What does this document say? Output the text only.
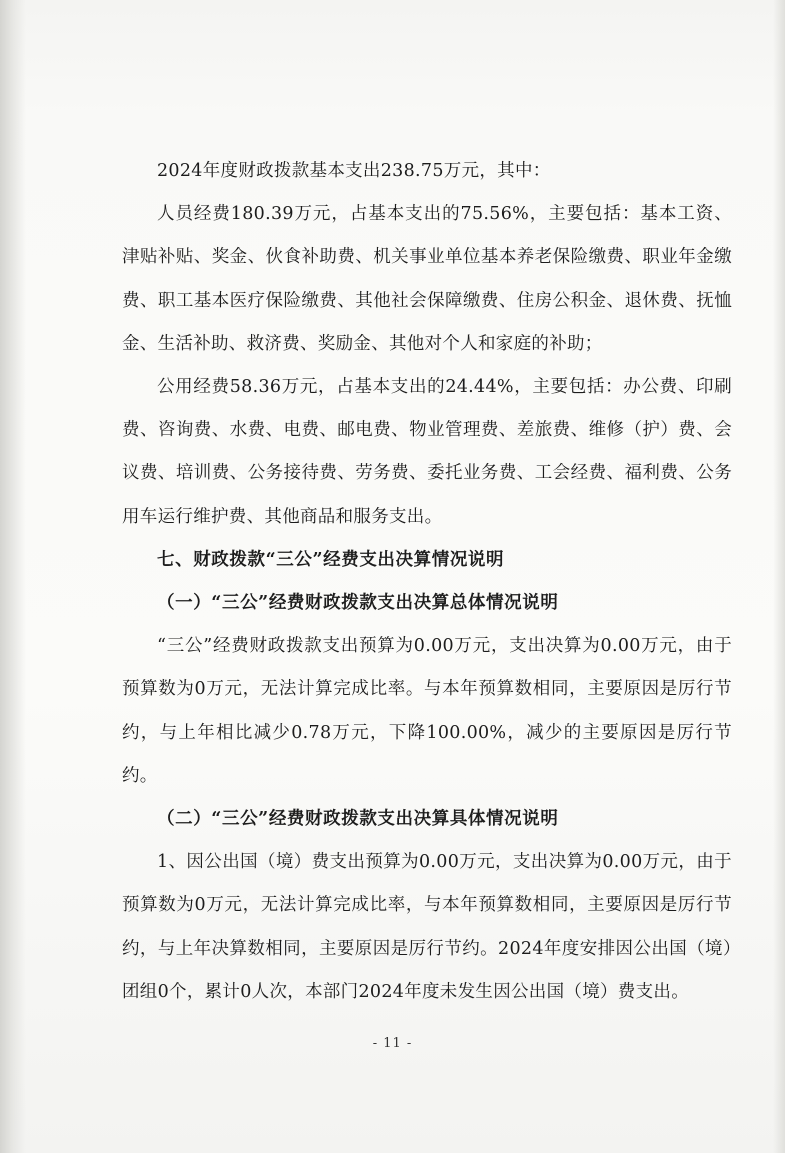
2024年度财政拨款基本支出238.75万元，其中：

人员经费180.39万元，占基本支出的75.56%，主要包括：基本工资、津贴补贴、奖金、伙食补助费、机关事业单位基本养老保险缴费、职业年金缴费、职工基本医疗保险缴费、其他社会保障缴费、住房公积金、退休费、抚恤金、生活补助、救济费、奖励金、其他对个人和家庭的补助；

公用经费58.36万元，占基本支出的24.44%，主要包括：办公费、印刷费、咨询费、水费、电费、邮电费、物业管理费、差旅费、维修（护）费、会议费、培训费、公务接待费、劳务费、委托业务费、工会经费、福利费、公务用车运行维护费、其他商品和服务支出。

七、财政拨款“三公”经费支出决算情况说明

（一）“三公”经费财政拨款支出决算总体情况说明

“三公”经费财政拨款支出预算为0.00万元，支出决算为0.00万元，由于预算数为0万元，无法计算完成比率。与本年预算数相同，主要原因是厉行节约，与上年相比减少0.78万元，下降100.00%，减少的主要原因是厉行节约。

（二）“三公”经费财政拨款支出决算具体情况说明

1、因公出国（境）费支出预算为0.00万元，支出决算为0.00万元，由于预算数为0万元，无法计算完成比率，与本年预算数相同，主要原因是厉行节约，与上年决算数相同，主要原因是厉行节约。2024年度安排因公出国（境）团组0个，累计0人次，本部门2024年度未发生因公出国（境）费支出。

- 11 -
